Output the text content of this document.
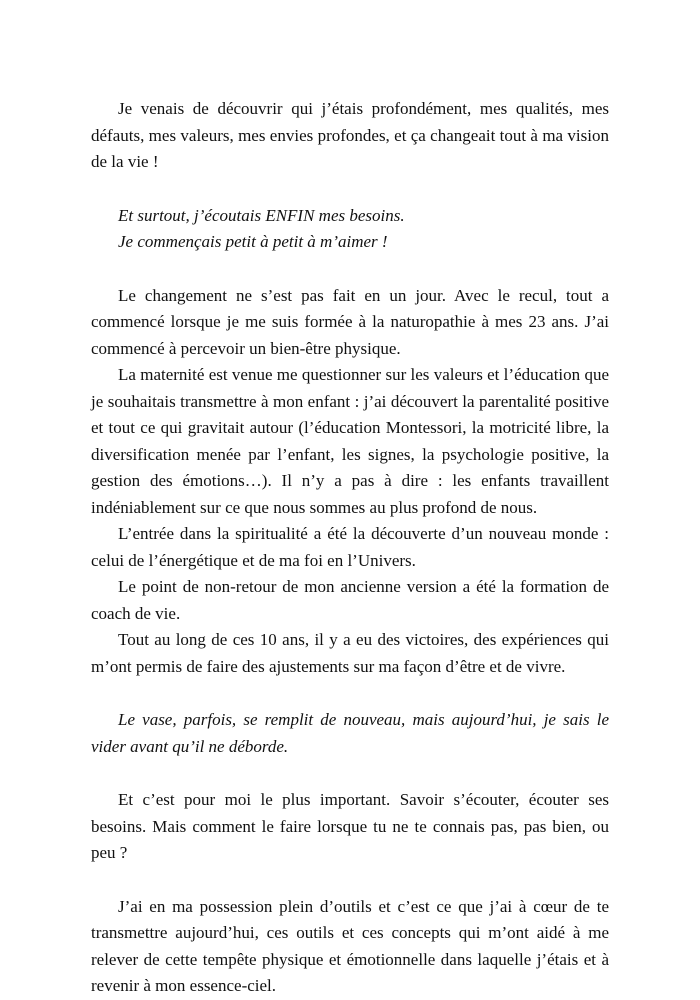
Je venais de découvrir qui j’étais profondément, mes qualités, mes défauts, mes valeurs, mes envies profondes, et ça changeait tout à ma vision de la vie !

Et surtout, j’écoutais ENFIN mes besoins.

Je commençais petit à petit à m’aimer !

Le changement ne s’est pas fait en un jour. Avec le recul, tout a commencé lorsque je me suis formée à la naturopathie à mes 23 ans. J’ai commencé à percevoir un bien-être physique.

La maternité est venue me questionner sur les valeurs et l’éducation que je souhaitais transmettre à mon enfant : j’ai découvert la parentalité positive et tout ce qui gravitait autour (l’éducation Montessori, la motricité libre, la diversification menée par l’enfant, les signes, la psychologie positive, la gestion des émotions…). Il n’y a pas à dire : les enfants travaillent indéniablement sur ce que nous sommes au plus profond de nous.

L’entrée dans la spiritualité a été la découverte d’un nouveau monde : celui de l’énergétique et de ma foi en l’Univers.

Le point de non-retour de mon ancienne version a été la formation de coach de vie.

Tout au long de ces 10 ans, il y a eu des victoires, des expériences qui m’ont permis de faire des ajustements sur ma façon d’être et de vivre.

Le vase, parfois, se remplit de nouveau, mais aujourd’hui, je sais le vider avant qu’il ne déborde.

Et c’est pour moi le plus important. Savoir s’écouter, écouter ses besoins. Mais comment le faire lorsque tu ne te connais pas, pas bien, ou peu ?

J’ai en ma possession plein d’outils et c’est ce que j’ai à cœur de te transmettre aujourd’hui, ces outils et ces concepts qui m’ont aidé à me relever de cette tempête physique et émotionnelle dans laquelle j’étais et à revenir à mon essence-ciel.
